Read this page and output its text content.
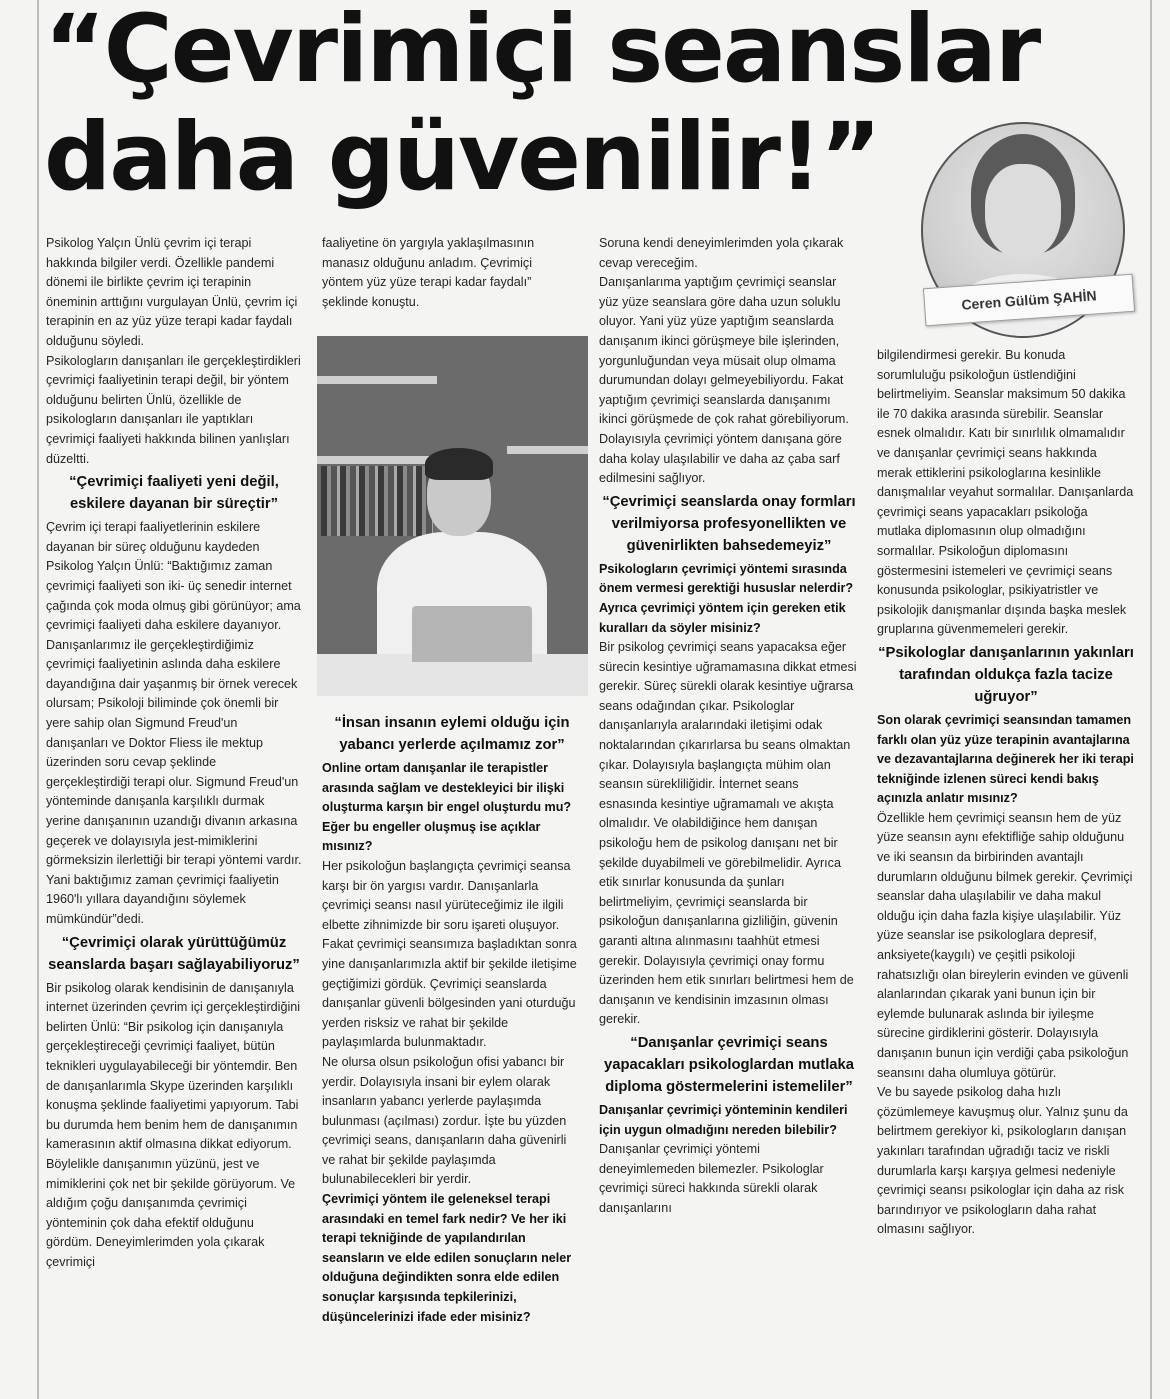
“Çevrimiçi seanslar daha güvenilir!”
Ceren Gülüm ŞAHİN

Psikolog Yalçın Ünlü çevrim içi terapi hakkında bilgiler verdi. Özellikle pandemi dönemi ile birlikte çevrim içi terapinin öneminin arttığını vurgulayan Ünlü, çevrim içi terapinin en az yüz yüze terapi kadar faydalı olduğunu söyledi.

Psikologların danışanları ile gerçekleştirdikleri çevrimiçi faaliyetinin terapi değil, bir yöntem olduğunu belirten Ünlü, özellikle de psikologların danışanları ile yaptıkları çevrimiçi faaliyeti hakkında bilinen yanlışları düzeltti.

“Çevrimiçi faaliyeti yeni değil, eskilere dayanan bir süreçtir”

Çevrim içi terapi faaliyetlerinin eskilere dayanan bir süreç olduğunu kaydeden Psikolog Yalçın Ünlü: “Baktığımız zaman çevrimiçi faaliyeti son iki- üç senedir internet çağında çok moda olmuş gibi görünüyor; ama çevrimiçi faaliyeti daha eskilere dayanıyor. Danışanlarımız ile gerçekleştirdiğimiz çevrimiçi faaliyetinin aslında daha eskilere dayandığına dair yaşanmış bir örnek verecek olursam; Psikoloji biliminde çok önemli bir yere sahip olan Sigmund Freud'un danışanları ve Doktor Fliess ile mektup üzerinden soru cevap şeklinde gerçekleştirdiği terapi olur. Sigmund Freud'un yönteminde danışanla karşılıklı durmak yerine danışanının uzandığı divanın arkasına geçerek ve dolayısıyla jest-mimiklerini görmeksizin ilerlettiği bir terapi yöntemi vardır. Yani baktığımız zaman çevrimiçi faaliyetin 1960'lı yıllara dayandığını söylemek mümkündür”dedi.

“Çevrimiçi olarak yürüttüğümüz seanslarda başarı sağlayabiliyoruz”

Bir psikolog olarak kendisinin de danışanıyla internet üzerinden çevrim içi gerçekleştirdiğini belirten Ünlü: “Bir psikolog için danışanıyla gerçekleştireceği çevrimiçi faaliyet, bütün teknikleri uygulayabileceği bir yöntemdir. Ben de danışanlarımla Skype üzerinden karşılıklı konuşma şeklinde faaliyetimi yapıyorum. Tabi bu durumda hem benim hem de danışanımın kamerasının aktif olmasına dikkat ediyorum. Böylelikle danışanımın yüzünü, jest ve mimiklerini çok net bir şekilde görüyorum. Ve aldığım çoğu danışanımda çevrimiçi yönteminin çok daha efektif olduğunu gördüm. Deneyimlerimden yola çıkarak çevrimiçi

faaliyetine ön yargıyla yaklaşılmasının manasız olduğunu anladım. Çevrimiçi yöntem yüz yüze terapi kadar faydalı” şeklinde konuştu.

“İnsan insanın eylemi olduğu için yabancı yerlerde açılmamız zor”

Online ortam danışanlar ile terapistler arasında sağlam ve destekleyici bir ilişki oluşturma karşın bir engel oluşturdu mu? Eğer bu engeller oluşmuş ise açıklar mısınız?

Her psikoloğun başlangıçta çevrimiçi seansa karşı bir ön yargısı vardır. Danışanlarla çevrimiçi seansı nasıl yürüteceğimiz ile ilgili elbette zihnimizde bir soru işareti oluşuyor. Fakat çevrimiçi seansımıza başladıktan sonra yine danışanlarımızla aktif bir şekilde iletişime geçtiğimizi gördük. Çevrimiçi seanslarda danışanlar güvenli bölgesinden yani oturduğu yerden risksiz ve rahat bir şekilde paylaşımlarda bulunmaktadır.

Ne olursa olsun psikoloğun ofisi yabancı bir yerdir. Dolayısıyla insani bir eylem olarak insanların yabancı yerlerde paylaşımda bulunması (açılması) zordur. İşte bu yüzden çevrimiçi seans, danışanların daha güvenirli ve rahat bir şekilde paylaşımda bulunabilecekleri bir yerdir.

Çevrimiçi yöntem ile geleneksel terapi arasındaki en temel fark nedir? Ve her iki terapi tekniğinde de yapılandırılan seansların ve elde edilen sonuçların neler olduğuna değindikten sonra elde edilen sonuçlar karşısında tepkilerinizi, düşüncelerinizi ifade eder misiniz?

Soruna kendi deneyimlerimden yola çıkarak cevap vereceğim.

Danışanlarıma yaptığım çevrimiçi seanslar yüz yüze seanslara göre daha uzun soluklu oluyor. Yani yüz yüze yaptığım seanslarda danışanım ikinci görüşmeye bile işlerinden, yorgunluğundan veya müsait olup olmama durumundan dolayı gelmeyebiliyordu. Fakat yaptığım çevrimiçi seanslarda danışanımı ikinci görüşmede de çok rahat görebiliyorum. Dolayısıyla çevrimiçi yöntem danışana göre daha kolay ulaşılabilir ve daha az çaba sarf edilmesini sağlıyor.

“Çevrimiçi seanslarda onay formları verilmiyorsa profesyonellikten ve güvenirlikten bahsedemeyiz”

Psikologların çevrimiçi yöntemi sırasında önem vermesi gerektiği hususlar nelerdir? Ayrıca çevrimiçi yöntem için gereken etik kuralları da söyler misiniz?

Bir psikolog çevrimiçi seans yapacaksa eğer sürecin kesintiye uğramamasına dikkat etmesi gerekir. Süreç sürekli olarak kesintiye uğrarsa seans odağından çıkar. Psikologlar danışanlarıyla aralarındaki iletişimi odak noktalarından çıkarırlarsa bu seans olmaktan çıkar. Dolayısıyla başlangıçta mühim olan seansın sürekliliğidir. İnternet seans esnasında kesintiye uğramamalı ve akışta olmalıdır. Ve olabildiğince hem danışan psikoloğu hem de psikolog danışanı net bir şekilde duyabilmeli ve görebilmelidir. Ayrıca etik sınırlar konusunda da şunları belirtmeliyim, çevrimiçi seanslarda bir psikoloğun danışanlarına gizliliğin, güvenin garanti altına alınmasını taahhüt etmesi gerekir. Dolayısıyla çevrimiçi onay formu üzerinden hem etik sınırları belirtmesi hem de danışanın ve kendisinin imzasının olması gerekir.

“Danışanlar çevrimiçi seans yapacakları psikologlardan mutlaka diploma göstermelerini istemeliler”

Danışanlar çevrimiçi yönteminin kendileri için uygun olmadığını nereden bilebilir?

Danışanlar çevrimiçi yöntemi deneyimlemeden bilemezler. Psikologlar çevrimiçi süreci hakkında sürekli olarak danışanlarını

bilgilendirmesi gerekir. Bu konuda sorumluluğu psikoloğun üstlendiğini belirtmeliyim. Seanslar maksimum 50 dakika ile 70 dakika arasında sürebilir. Seanslar esnek olmalıdır. Katı bir sınırlılık olmamalıdır ve danışanlar çevrimiçi seans hakkında merak ettiklerini psikologlarına kesinlikle danışmalılar veyahut sormalılar. Danışanlarda çevrimiçi seans yapacakları psikoloğa mutlaka diplomasının olup olmadığını sormalılar. Psikoloğun diplomasını göstermesini istemeleri ve çevrimiçi seans konusunda psikologlar, psikiyatristler ve psikolojik danışmanlar dışında başka meslek gruplarına güvenmemeleri gerekir.

“Psikologlar danışanlarının yakınları tarafından oldukça fazla tacize uğruyor”

Son olarak çevrimiçi seansından tamamen farklı olan yüz yüze terapinin avantajlarına ve dezavantajlarına değinerek her iki terapi tekniğinde izlenen süreci kendi bakış açınızla anlatır mısınız?

Özellikle hem çevrimiçi seansın hem de yüz yüze seansın aynı efektifliğe sahip olduğunu ve iki seansın da birbirinden avantajlı durumların olduğunu bilmek gerekir. Çevrimiçi seanslar daha ulaşılabilir ve daha makul olduğu için daha fazla kişiye ulaşılabilir. Yüz yüze seanslar ise psikologlara depresif, anksiyete(kaygılı) ve çeşitli psikoloji rahatsızlığı olan bireylerin evinden ve güvenli alanlarından çıkarak yani bunun için bir eylemde bulunarak aslında bir iyileşme sürecine girdiklerini gösterir. Dolayısıyla danışanın bunun için verdiği çaba psikoloğun seansını daha olumluya götürür.

Ve bu sayede psikolog daha hızlı çözümlemeye kavuşmuş olur. Yalnız şunu da belirtmem gerekiyor ki, psikologların danışan yakınları tarafından uğradığı taciz ve riskli durumlarla karşı karşıya gelmesi nedeniyle çevrimiçi seansı psikologlar için daha az risk barındırıyor ve psikologların daha rahat olmasını sağlıyor.
